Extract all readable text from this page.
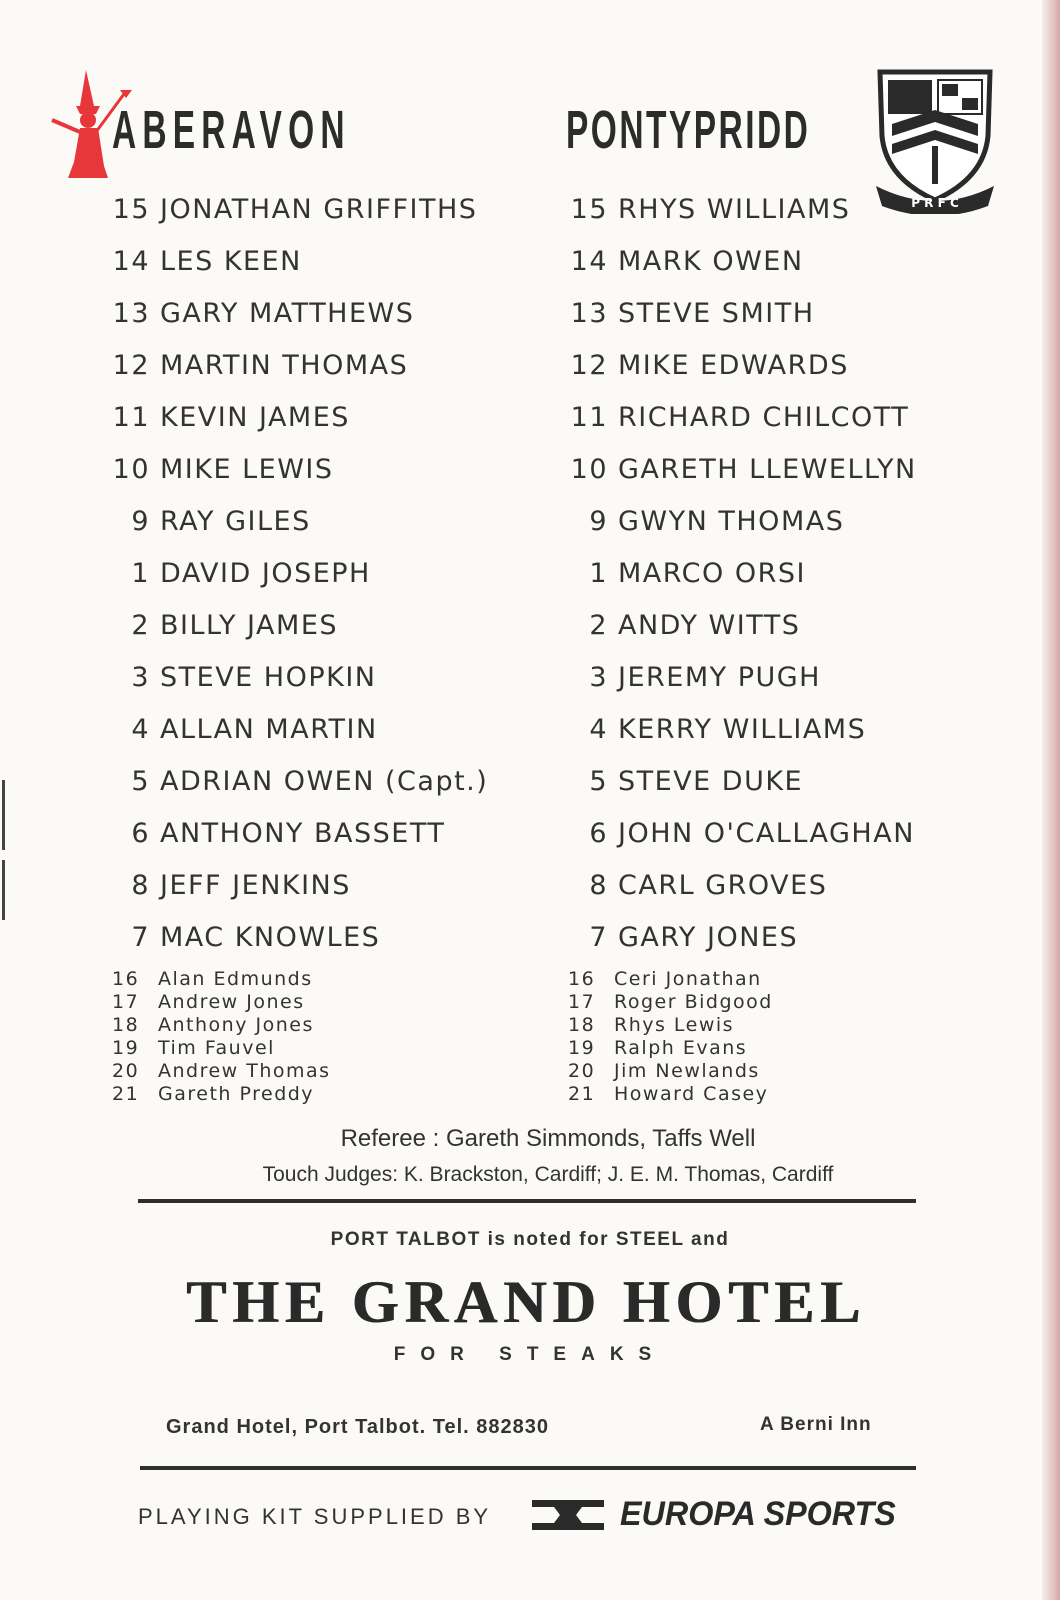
ABERAVON	PONTYPRIDD
P R F C
15 JONATHAN GRIFFITHS
14 LES KEEN
13 GARY MATTHEWS
12 MARTIN THOMAS
11 KEVIN JAMES
10 MIKE LEWIS
9 RAY GILES
1 DAVID JOSEPH
2 BILLY JAMES
3 STEVE HOPKIN
4 ALLAN MARTIN
5 ADRIAN OWEN (Capt.)
6 ANTHONY BASSETT
8 JEFF JENKINS
7 MAC KNOWLES
15 RHYS WILLIAMS
14 MARK OWEN
13 STEVE SMITH
12 MIKE EDWARDS
11 RICHARD CHILCOTT
10 GARETH LLEWELLYN
9 GWYN THOMAS
1 MARCO ORSI
2 ANDY WITTS
3 JEREMY PUGH
4 KERRY WILLIAMS
5 STEVE DUKE
6 JOHN O'CALLAGHAN
8 CARL GROVES
7 GARY JONES
16 Alan Edmunds
17 Andrew Jones
18 Anthony Jones
19 Tim Fauvel
20 Andrew Thomas
21 Gareth Preddy
16 Ceri Jonathan
17 Roger Bidgood
18 Rhys Lewis
19 Ralph Evans
20 Jim Newlands
21 Howard Casey
Referee : Gareth Simmonds, Taffs Well
Touch Judges: K. Brackston, Cardiff; J. E. M. Thomas, Cardiff
PORT TALBOT is noted for STEEL and
THE GRAND HOTEL
FOR STEAKS
Grand Hotel, Port Talbot. Tel. 882830	A Berni Inn
PLAYING KIT SUPPLIED BY	EUROPA SPORTS
